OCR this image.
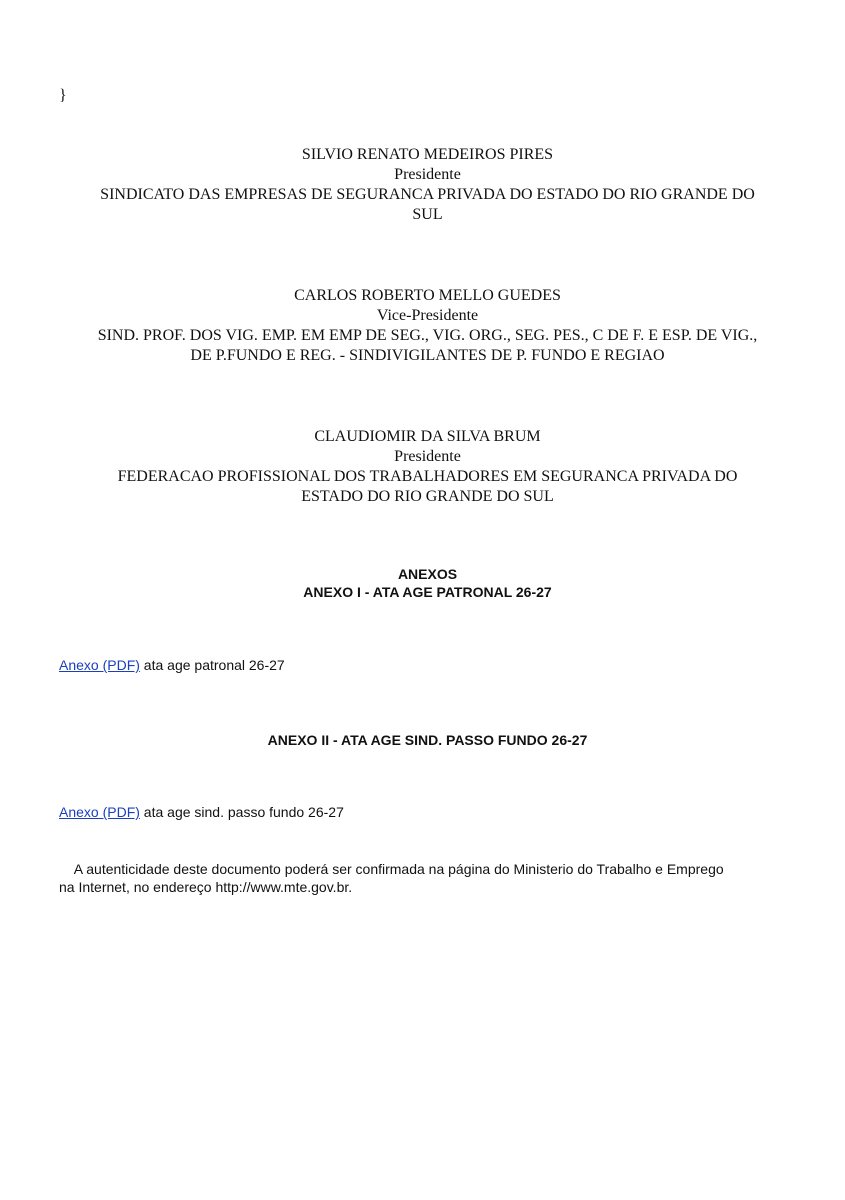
}
SILVIO RENATO MEDEIROS PIRES
Presidente
SINDICATO DAS EMPRESAS DE SEGURANCA PRIVADA DO ESTADO DO RIO GRANDE DO
SUL
CARLOS ROBERTO MELLO GUEDES
Vice-Presidente
SIND. PROF. DOS VIG. EMP. EM EMP DE SEG., VIG. ORG., SEG. PES., C DE F. E ESP. DE VIG.,
DE P.FUNDO E REG. - SINDIVIGILANTES DE P. FUNDO E REGIAO
CLAUDIOMIR DA SILVA BRUM
Presidente
FEDERACAO PROFISSIONAL DOS TRABALHADORES EM SEGURANCA PRIVADA DO
ESTADO DO RIO GRANDE DO SUL
ANEXOS
ANEXO I - ATA AGE PATRONAL 26-27
Anexo (PDF) ata age patronal 26-27
ANEXO II - ATA AGE SIND. PASSO FUNDO 26-27
Anexo (PDF) ata age sind. passo fundo 26-27
A autenticidade deste documento poderá ser confirmada na página do Ministerio do Trabalho e Emprego
na Internet, no endereço http://www.mte.gov.br.
